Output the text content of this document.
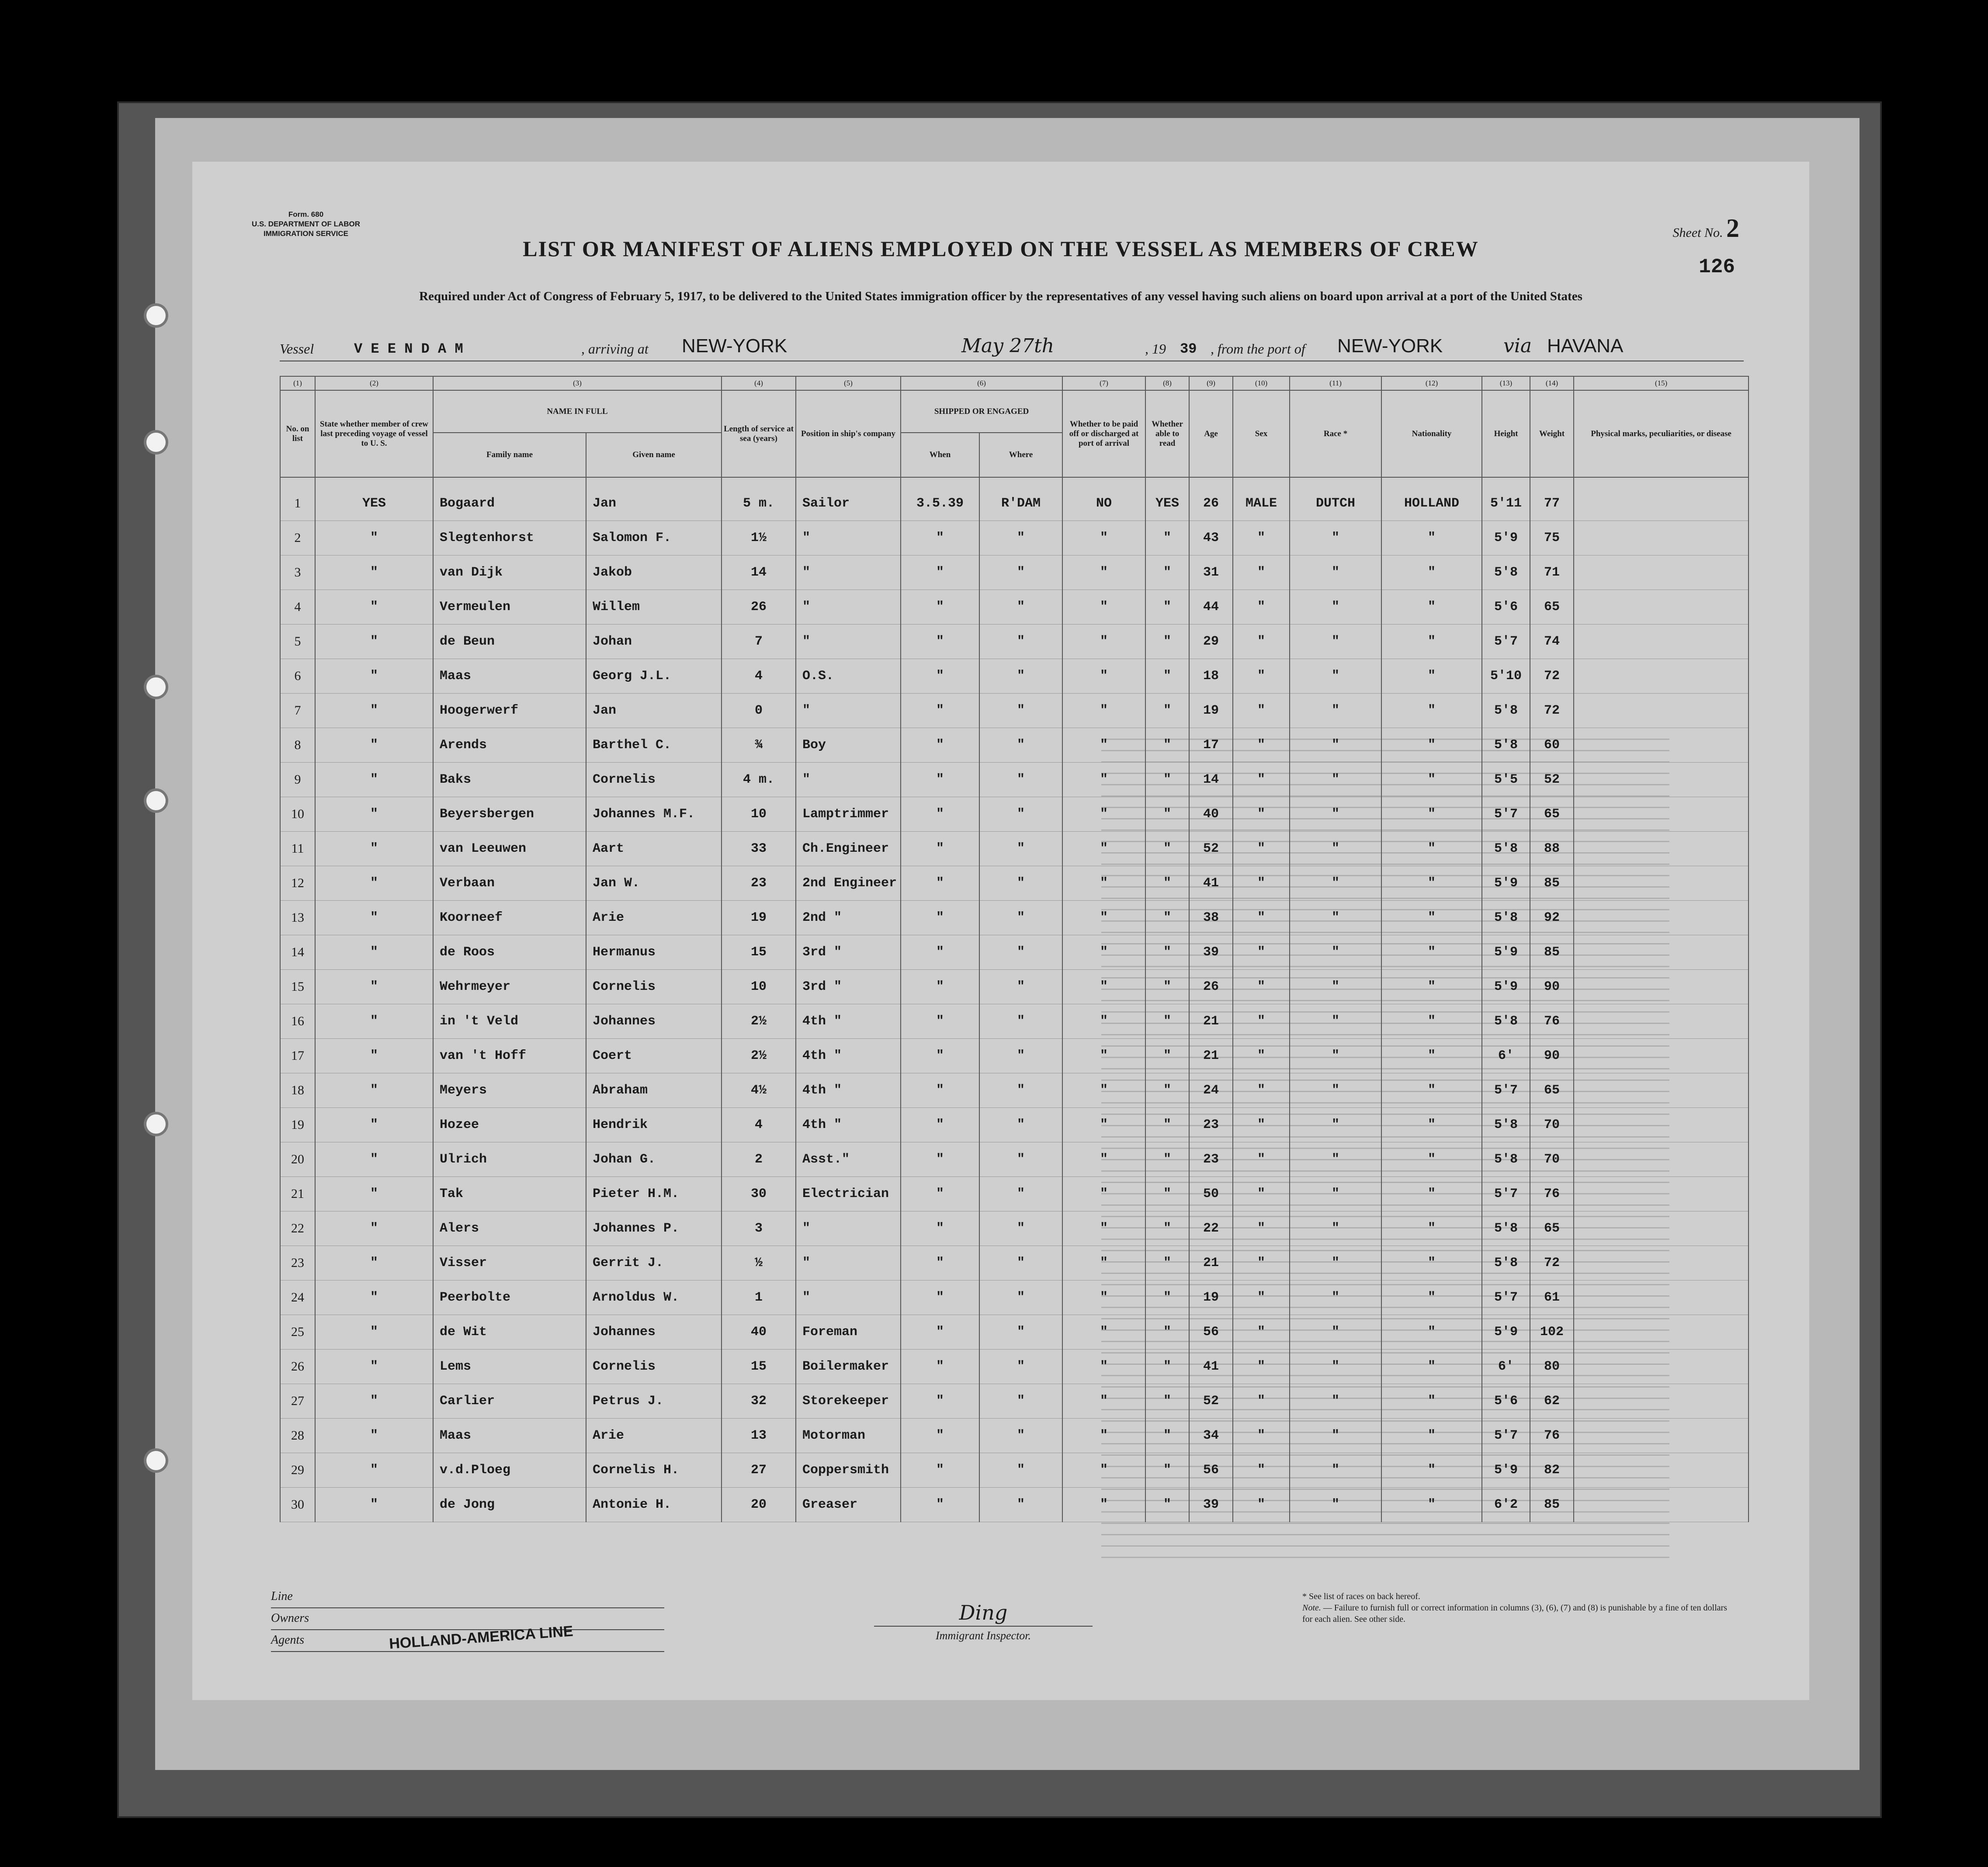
Form. 680
U.S. DEPARTMENT OF LABOR
IMMIGRATION SERVICE	Sheet No. 2
126
LIST OR MANIFEST OF ALIENS EMPLOYED ON THE VESSEL AS MEMBERS OF CREW
Required under Act of Congress of February 5, 1917, to be delivered to the United States immigration officer by the representatives of any vessel having such aliens on board upon arrival at a port of the United States
Vessel	V E E N D A M	, arriving at NEW-YORK	May 27th	, 19 39 , from the port of NEW-YORK	via HAVANA
(1)	(2)	(3)		(4)	(5)	(6)		(7)	(8)	(9)	(10)	(11)	(12)	(13)	(14)	(15)	
No. on list	State whether member of crew last preceding voyage of vessel to U. S.	NAME IN FULL		Length of service at sea (years)	Position in ship's company	SHIPPED OR ENGAGED		Whether to be paid off or discharged at port of arrival	Whether able to read	Age	Sex	Race *	Nationality	Height	Weight	Physical marks, peculiarities, or disease	
		Family name	Given name			When	Where										
1	YES	Bogaard	Jan	5 m.	Sailor	3.5.39	R'DAM	NO	YES	26	MALE	DUTCH	HOLLAND	5'11	77		
2	"	Slegtenhorst	Salomon F.	1½	"	"	"	"	"	43	"	"	"	5'9	75		
3	"	van Dijk	Jakob	14	"	"	"	"	"	31	"	"	"	5'8	71		
4	"	Vermeulen	Willem	26	"	"	"	"	"	44	"	"	"	5'6	65		
5	"	de Beun	Johan	7	"	"	"	"	"	29	"	"	"	5'7	74		
6	"	Maas	Georg J.L.	4	O.S.	"	"	"	"	18	"	"	"	5'10	72		
7	"	Hoogerwerf	Jan	0	"	"	"	"	"	19	"	"	"	5'8	72		
8	"	Arends	Barthel C.	¾	Boy	"	"	"	"	17	"	"	"	5'8	60		
9	"	Baks	Cornelis	4 m.	"	"	"	"	"	14	"	"	"	5'5	52		
10	"	Beyersbergen	Johannes M.F.	10	Lamptrimmer	"	"	"	"	40	"	"	"	5'7	65		
11	"	van Leeuwen	Aart	33	Ch.Engineer	"	"	"	"	52	"	"	"	5'8	88		
12	"	Verbaan	Jan W.	23	2nd Engineer	"	"	"	"	41	"	"	"	5'9	85		
13	"	Koorneef	Arie	19	2nd "	"	"	"	"	38	"	"	"	5'8	92		
14	"	de Roos	Hermanus	15	3rd "	"	"	"	"	39	"	"	"	5'9	85		
15	"	Wehrmeyer	Cornelis	10	3rd "	"	"	"	"	26	"	"	"	5'9	90		
16	"	in 't Veld	Johannes	2½	4th "	"	"	"	"	21	"	"	"	5'8	76		
17	"	van 't Hoff	Coert	2½	4th "	"	"	"	"	21	"	"	"	6'	90		
18	"	Meyers	Abraham	4½	4th "	"	"	"	"	24	"	"	"	5'7	65		
19	"	Hozee	Hendrik	4	4th "	"	"	"	"	23	"	"	"	5'8	70		
20	"	Ulrich	Johan G.	2	Asst."	"	"	"	"	23	"	"	"	5'8	70		
21	"	Tak	Pieter H.M.	30	Electrician	"	"	"	"	50	"	"	"	5'7	76		
22	"	Alers	Johannes P.	3	"	"	"	"	"	22	"	"	"	5'8	65		
23	"	Visser	Gerrit J.	½	"	"	"	"	"	21	"	"	"	5'8	72		
24	"	Peerbolte	Arnoldus W.	1	"	"	"	"	"	19	"	"	"	5'7	61		
25	"	de Wit	Johannes	40	Foreman	"	"	"	"	56	"	"	"	5'9	102		
26	"	Lems	Cornelis	15	Boilermaker	"	"	"	"	41	"	"	"	6'	80		
27	"	Carlier	Petrus J.	32	Storekeeper	"	"	"	"	52	"	"	"	5'6	62		
28	"	Maas	Arie	13	Motorman	"	"	"	"	34	"	"	"	5'7	76		
29	"	v.d.Ploeg	Cornelis H.	27	Coppersmith	"	"	"	"	56	"	"	"	5'9	82		
30	"	de Jong	Antonie H.	20	Greaser	"	"	"	"	39	"	"	"	6'2	85		
Line
Owners
Agents	HOLLAND-AMERICA LINE
Ding
Immigrant Inspector.
* See list of races on back hereof.
Note. — Failure to furnish full or correct information in columns (3), (6), (7) and (8) is punishable by a fine of ten dollars for each alien. See other side.
